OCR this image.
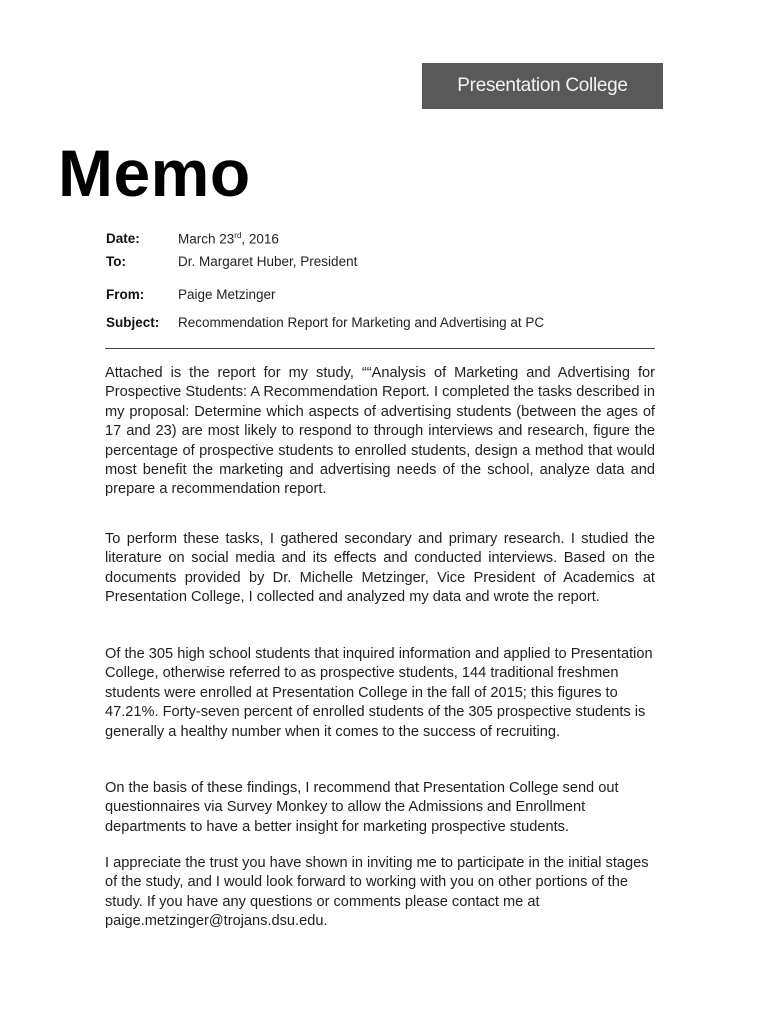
Presentation College
Memo
Date:	March 23rd, 2016
To:	Dr. Margaret Huber, President
From:	Paige Metzinger
Subject:	Recommendation Report for Marketing and Advertising at PC

Attached is the report for my study, ““Analysis of Marketing and Advertising for Prospective Students: A Recommendation Report. I completed the tasks described in my proposal: Determine which aspects of advertising students (between the ages of 17 and 23) are most likely to respond to through interviews and research, figure the percentage of prospective students to enrolled students, design a method that would most benefit the marketing and advertising needs of the school, analyze data and prepare a recommendation report.

To perform these tasks, I gathered secondary and primary research. I studied the literature on social media and its effects and conducted interviews. Based on the documents provided by Dr. Michelle Metzinger, Vice President of Academics at Presentation College, I collected and analyzed my data and wrote the report.

Of the 305 high school students that inquired information and applied to Presentation College, otherwise referred to as prospective students, 144 traditional freshmen students were enrolled at Presentation College in the fall of 2015; this figures to 47.21%. Forty-seven percent of enrolled students of the 305 prospective students is generally a healthy number when it comes to the success of recruiting.

On the basis of these findings, I recommend that Presentation College send out questionnaires via Survey Monkey to allow the Admissions and Enrollment departments to have a better insight for marketing prospective students.

I appreciate the trust you have shown in inviting me to participate in the initial stages of the study, and I would look forward to working with you on other portions of the study. If you have any questions or comments please contact me at paige.metzinger@trojans.dsu.edu.
